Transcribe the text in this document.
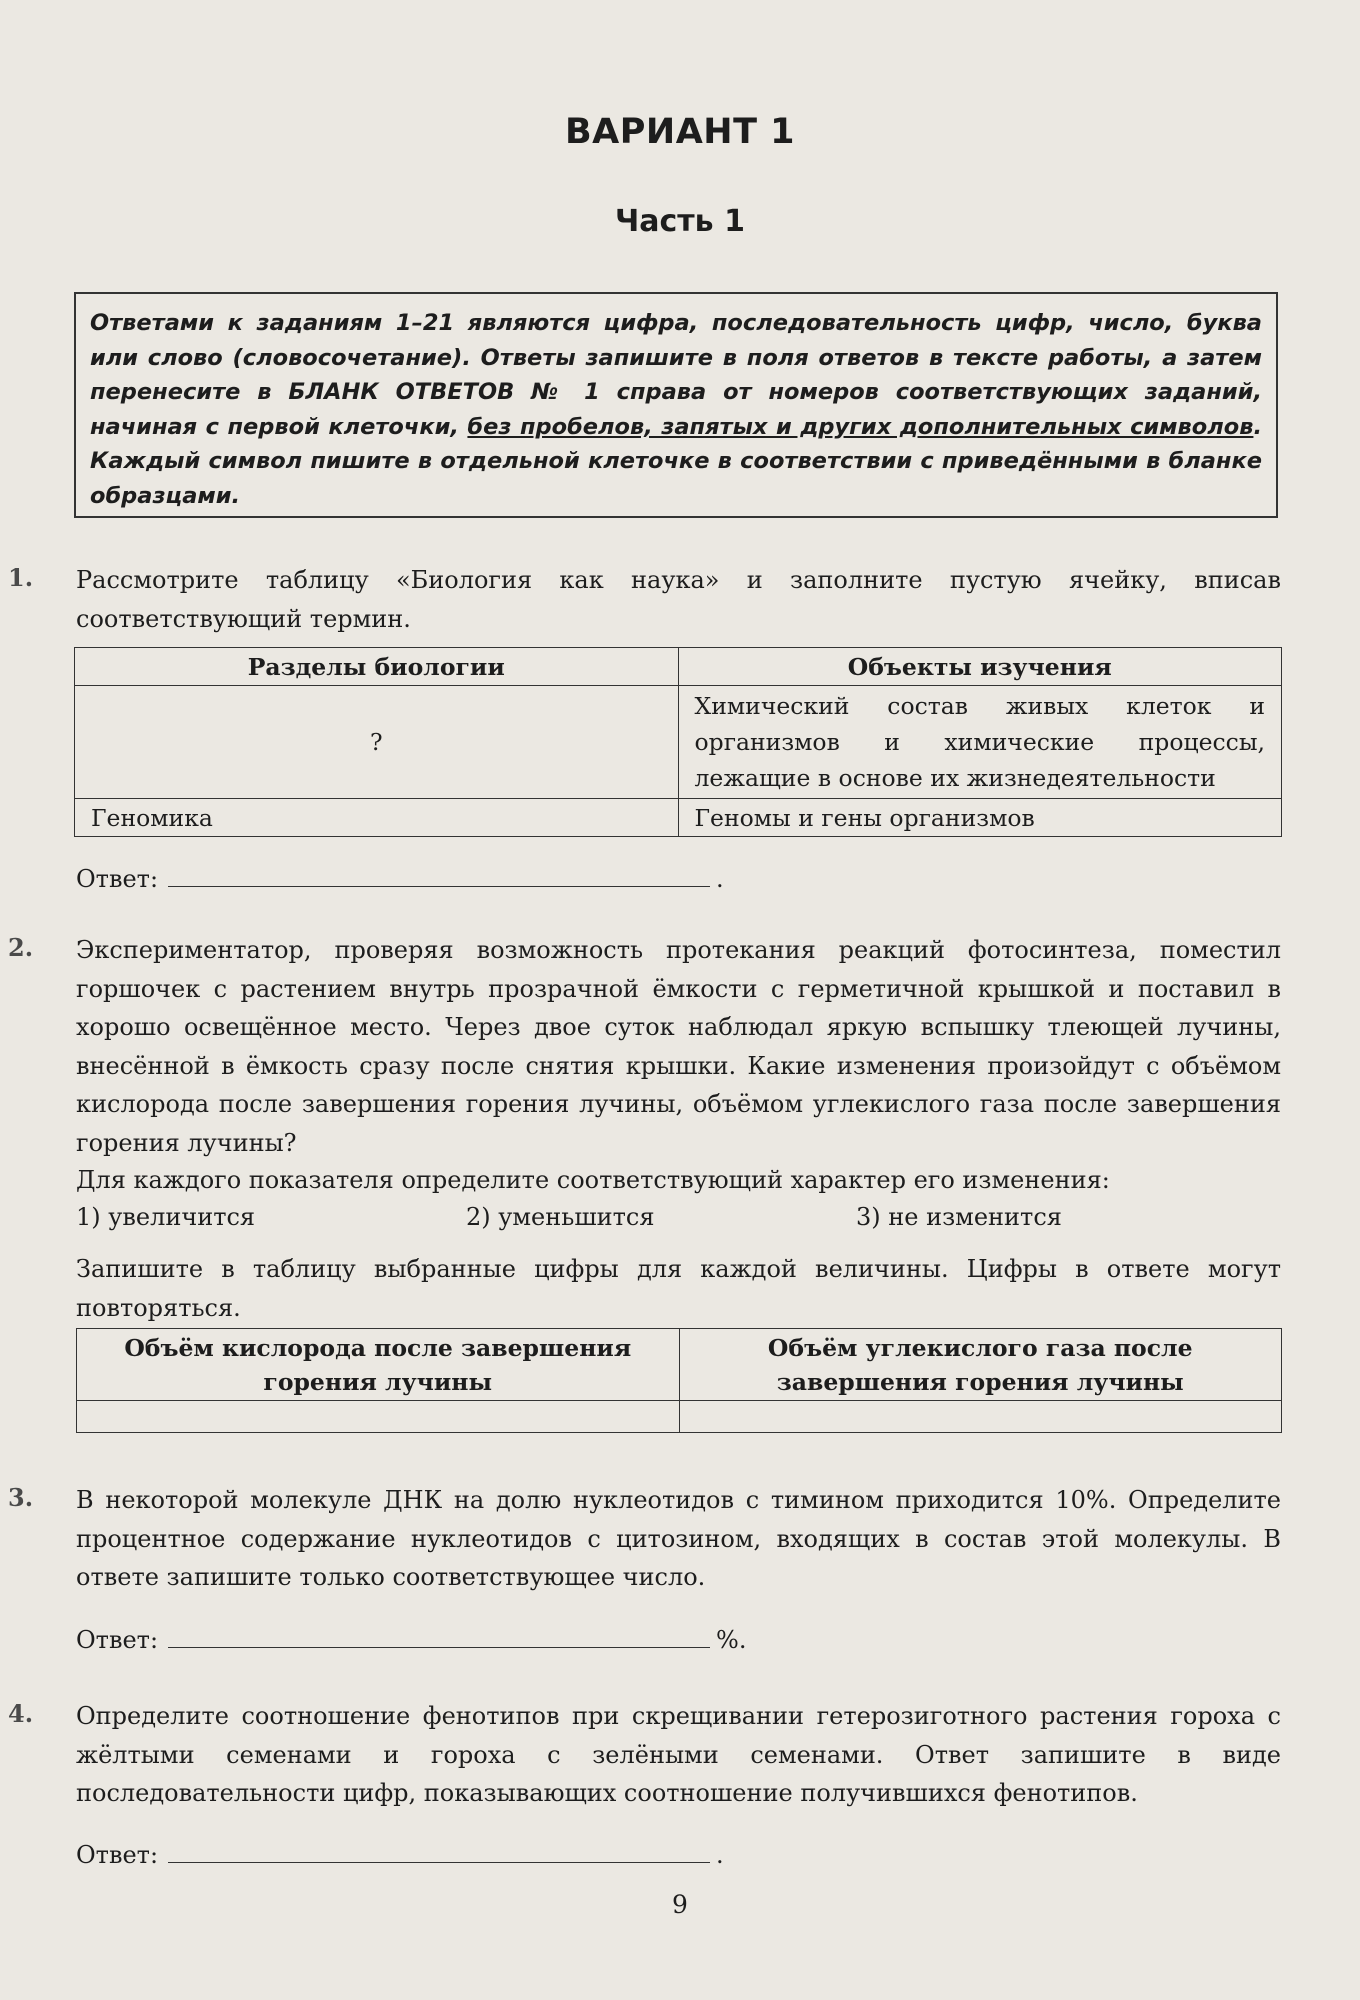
ВАРИАНТ 1
Часть 1
Ответами к заданиям 1–21 являются цифра, последовательность цифр, число, буква или слово (словосочетание). Ответы запишите в поля ответов в тексте работы, а затем перенесите в БЛАНК ОТВЕТОВ № 1 справа от номеров соответствующих заданий, начиная с первой клеточки, без пробелов, запятых и других дополнительных символов. Каждый символ пишите в отдельной клеточке в соответствии с приведёнными в бланке образцами.
1. Рассмотрите таблицу «Биология как наука» и заполните пустую ячейку, вписав соответствующий термин.
Разделы биологии	Объекты изучения
?	Химический состав живых клеток и организмов и химические процессы, лежащие в основе их жизнедеятельности
Геномика	Геномы и гены организмов
Ответ:	.
2. Экспериментатор, проверяя возможность протекания реакций фотосинтеза, поместил горшочек с растением внутрь прозрачной ёмкости с герметичной крышкой и поставил в хорошо освещённое место. Через двое суток наблюдал яркую вспышку тлеющей лучины, внесённой в ёмкость сразу после снятия крышки. Какие изменения произойдут с объёмом кислорода после завершения горения лучины, объёмом углекислого газа после завершения горения лучины?
Для каждого показателя определите соответствующий характер его изменения:
1) увеличится	2) уменьшится	3) не изменится
Запишите в таблицу выбранные цифры для каждой величины. Цифры в ответе могут повторяться.
Объём кислорода после завершения горения лучины	Объём углекислого газа после завершения горения лучины

3. В некоторой молекуле ДНК на долю нуклеотидов с тимином приходится 10%. Определите процентное содержание нуклеотидов с цитозином, входящих в состав этой молекулы. В ответе запишите только соответствующее число.
Ответ:	%.
4. Определите соотношение фенотипов при скрещивании гетерозиготного растения гороха с жёлтыми семенами и гороха с зелёными семенами. Ответ запишите в виде последовательности цифр, показывающих соотношение получившихся фенотипов.
Ответ:	.
9
